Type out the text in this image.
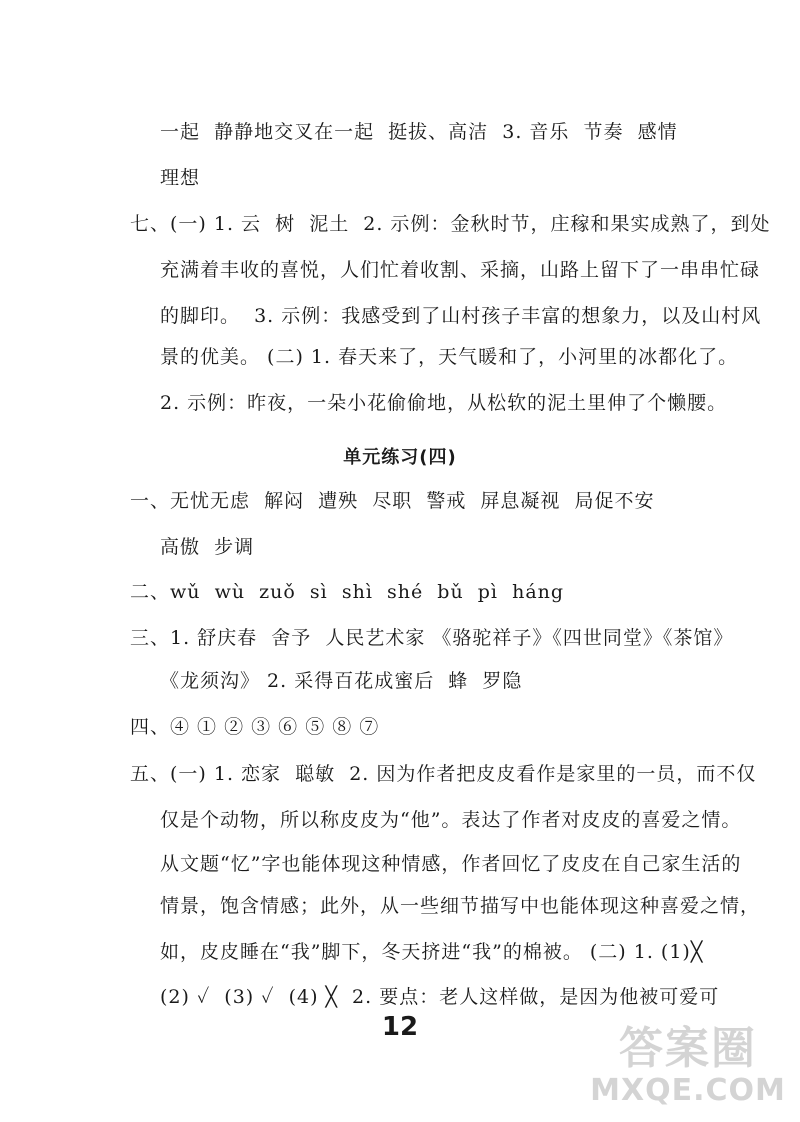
一起  静静地交叉在一起  挺拔、高洁  3. 音乐  节奏  感情
理想
七、(一) 1. 云  树  泥土  2. 示例：金秋时节，庄稼和果实成熟了，到处
充满着丰收的喜悦，人们忙着收割、采摘，山路上留下了一串串忙碌
的脚印。  3. 示例：我感受到了山村孩子丰富的想象力，以及山村风
景的优美。 (二) 1. 春天来了，天气暖和了，小河里的冰都化了。
2. 示例：昨夜，一朵小花偷偷地，从松软的泥土里伸了个懒腰。
单元练习(四)
一、无忧无虑  解闷  遭殃  尽职  警戒  屏息凝视  局促不安
高傲  步调
二、wǔ  wù  zuǒ  sì  shì  shé  bǔ  pì  háng
三、1. 舒庆春  舍予  人民艺术家 《骆驼祥子》《四世同堂》《茶馆》
《龙须沟》 2. 采得百花成蜜后  蜂  罗隐
四、④ ① ② ③ ⑥ ⑤ ⑧ ⑦
五、(一) 1. 恋家  聪敏  2. 因为作者把皮皮看作是家里的一员，而不仅
仅是个动物，所以称皮皮为“他”。表达了作者对皮皮的喜爱之情。
从文题“忆”字也能体现这种情感，作者回忆了皮皮在自己家生活的
情景，饱含情感；此外，从一些细节描写中也能体现这种喜爱之情，
如，皮皮睡在“我”脚下，冬天挤进“我”的棉被。 (二) 1. (1)╳
(2) ✓  (3) ✓  (4) ╳  2. 要点：老人这样做，是因为他被可爱可
12	答案圈
MXQE.COM
